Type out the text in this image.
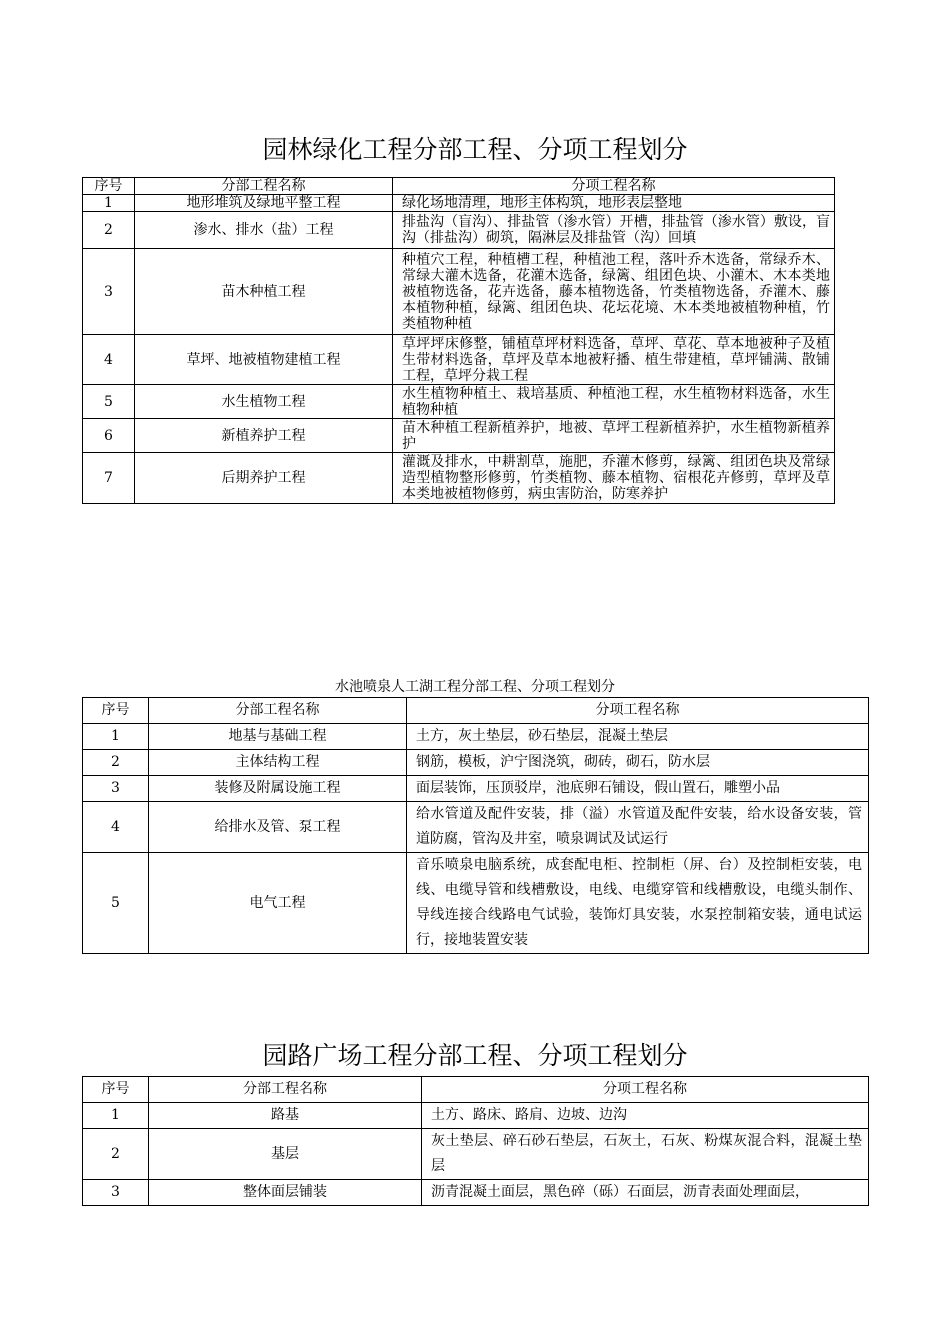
园林绿化工程分部工程、分项工程划分
序号	分部工程名称	分项工程名称
1	地形堆筑及绿地平整工程	绿化场地清理，地形主体构筑，地形表层整地
2	渗水、排水（盐）工程	排盐沟（盲沟）、排盐管（渗水管）开槽，排盐管（渗水管）敷设，盲沟（排盐沟）砌筑，隔淋层及排盐管（沟）回填
3	苗木种植工程	种植穴工程，种植槽工程，种植池工程，落叶乔木选备，常绿乔木、常绿大灌木选备，花灌木选备，绿篱、组团色块、小灌木、木本类地被植物选备，花卉选备，藤本植物选备，竹类植物选备，乔灌木、藤本植物种植，绿篱、组团色块、花坛花境、木本类地被植物种植，竹类植物种植
4	草坪、地被植物建植工程	草坪坪床修整，铺植草坪材料选备，草坪、草花、草本地被种子及植生带材料选备，草坪及草本地被籽播、植生带建植，草坪铺满、散铺工程，草坪分栽工程
5	水生植物工程	水生植物种植土、栽培基质、种植池工程，水生植物材料选备，水生植物种植
6	新植养护工程	苗木种植工程新植养护，地被、草坪工程新植养护，水生植物新植养护
7	后期养护工程	灌溉及排水，中耕割草，施肥，乔灌木修剪，绿篱、组团色块及常绿造型植物整形修剪，竹类植物、藤本植物、宿根花卉修剪，草坪及草本类地被植物修剪，病虫害防治，防寒养护
水池喷泉人工湖工程分部工程、分项工程划分
序号	分部工程名称	分项工程名称
1	地基与基础工程	土方，灰土垫层，砂石垫层，混凝土垫层
2	主体结构工程	钢筋，模板，沪宁图浇筑，砌砖，砌石，防水层
3	装修及附属设施工程	面层装饰，压顶驳岸，池底卵石铺设，假山置石，雕塑小品
4	给排水及管、泵工程	给水管道及配件安装，排（溢）水管道及配件安装，给水设备安装，管道防腐，管沟及井室，喷泉调试及试运行
5	电气工程	音乐喷泉电脑系统，成套配电柜、控制柜（屏、台）及控制柜安装，电线、电缆导管和线槽敷设，电线、电缆穿管和线槽敷设，电缆头制作、导线连接合线路电气试验，装饰灯具安装，水泵控制箱安装，通电试运行，接地装置安装
园路广场工程分部工程、分项工程划分
序号	分部工程名称	分项工程名称
1	路基	土方、路床、路肩、边坡、边沟
2	基层	灰土垫层、碎石砂石垫层，石灰土，石灰、粉煤灰混合料，混凝土垫层
3	整体面层铺装	沥青混凝土面层，黑色碎（砾）石面层，沥青表面处理面层，
